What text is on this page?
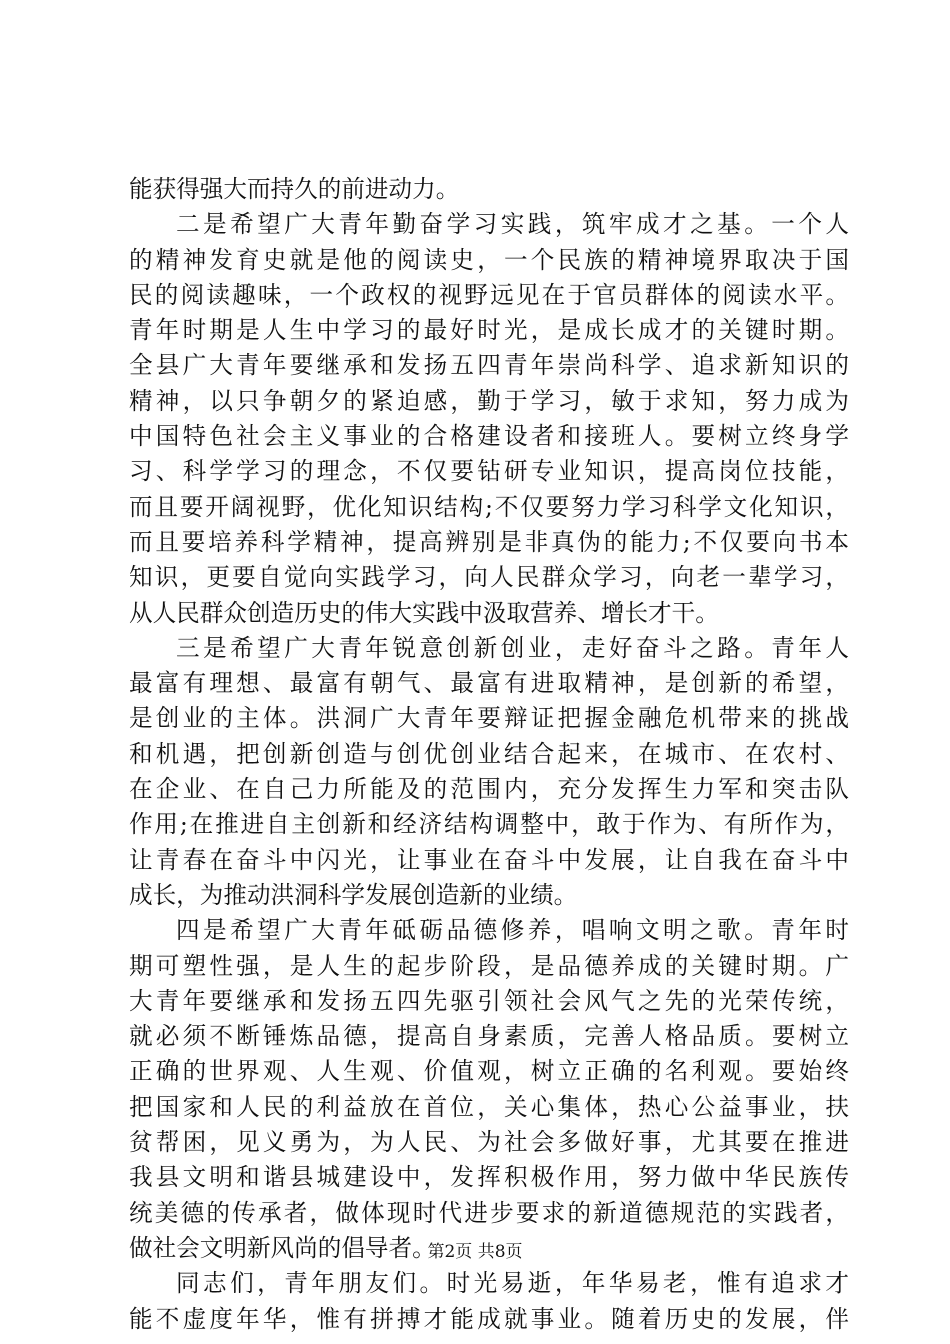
能获得强大而持久的前进动力。
二是希望广大青年勤奋学习实践，筑牢成才之基。一个人
的精神发育史就是他的阅读史，一个民族的精神境界取决于国
民的阅读趣味，一个政权的视野远见在于官员群体的阅读水平。
青年时期是人生中学习的最好时光，是成长成才的关键时期。
全县广大青年要继承和发扬五四青年崇尚科学、追求新知识的
精神，以只争朝夕的紧迫感，勤于学习，敏于求知，努力成为
中国特色社会主义事业的合格建设者和接班人。要树立终身学
习、科学学习的理念，不仅要钻研专业知识，提高岗位技能，
而且要开阔视野，优化知识结构;不仅要努力学习科学文化知识，
而且要培养科学精神，提高辨别是非真伪的能力;不仅要向书本
知识，更要自觉向实践学习，向人民群众学习，向老一辈学习，
从人民群众创造历史的伟大实践中汲取营养、增长才干。
三是希望广大青年锐意创新创业，走好奋斗之路。青年人
最富有理想、最富有朝气、最富有进取精神，是创新的希望，
是创业的主体。洪洞广大青年要辩证把握金融危机带来的挑战
和机遇，把创新创造与创优创业结合起来，在城市、在农村、
在企业、在自己力所能及的范围内，充分发挥生力军和突击队
作用;在推进自主创新和经济结构调整中，敢于作为、有所作为，
让青春在奋斗中闪光，让事业在奋斗中发展，让自我在奋斗中
成长，为推动洪洞科学发展创造新的业绩。
四是希望广大青年砥砺品德修养，唱响文明之歌。青年时
期可塑性强，是人生的起步阶段，是品德养成的关键时期。广
大青年要继承和发扬五四先驱引领社会风气之先的光荣传统，
就必须不断锤炼品德，提高自身素质，完善人格品质。要树立
正确的世界观、人生观、价值观，树立正确的名利观。要始终
把国家和人民的利益放在首位，关心集体，热心公益事业，扶
贫帮困，见义勇为，为人民、为社会多做好事，尤其要在推进
我县文明和谐县城建设中，发挥积极作用，努力做中华民族传
统美德的传承者，做体现时代进步要求的新道德规范的实践者，
做社会文明新风尚的倡导者。
同志们，青年朋友们。时光易逝，年华易老，惟有追求才
能不虚度年华，惟有拼搏才能成就事业。随着历史的发展，伴
第2页 共8页
